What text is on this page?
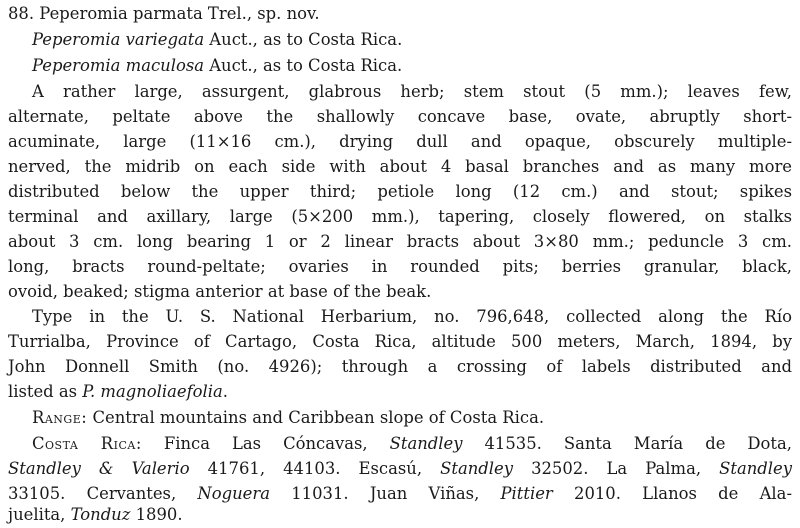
88. Peperomia parmata Trel., sp. nov.
Peperomia variegata Auct., as to Costa Rica.
Peperomia maculosa Auct., as to Costa Rica.
A rather large, assurgent, glabrous herb; stem stout (5 mm.); leaves few,
alternate, peltate above the shallowly concave base, ovate, abruptly short-
acuminate, large (11×16 cm.), drying dull and opaque, obscurely multiple-
nerved, the midrib on each side with about 4 basal branches and as many more
distributed below the upper third; petiole long (12 cm.) and stout; spikes
terminal and axillary, large (5×200 mm.), tapering, closely flowered, on stalks
about 3 cm. long bearing 1 or 2 linear bracts about 3×80 mm.; peduncle 3 cm.
long, bracts round-peltate; ovaries in rounded pits; berries granular, black,
ovoid, beaked; stigma anterior at base of the beak.
Type in the U. S. National Herbarium, no. 796,648, collected along the Río
Turrialba, Province of Cartago, Costa Rica, altitude 500 meters, March, 1894, by
John Donnell Smith (no. 4926); through a crossing of labels distributed and
listed as P. magnoliaefolia.
Range: Central mountains and Caribbean slope of Costa Rica.
Costa Rica: Finca Las Cóncavas, Standley 41535. Santa María de Dota,
Standley & Valerio 41761, 44103. Escasú, Standley 32502. La Palma, Standley
33105. Cervantes, Noguera 11031. Juan Viñas, Pittier 2010. Llanos de Ala-
juelita, Tonduz 1890.
